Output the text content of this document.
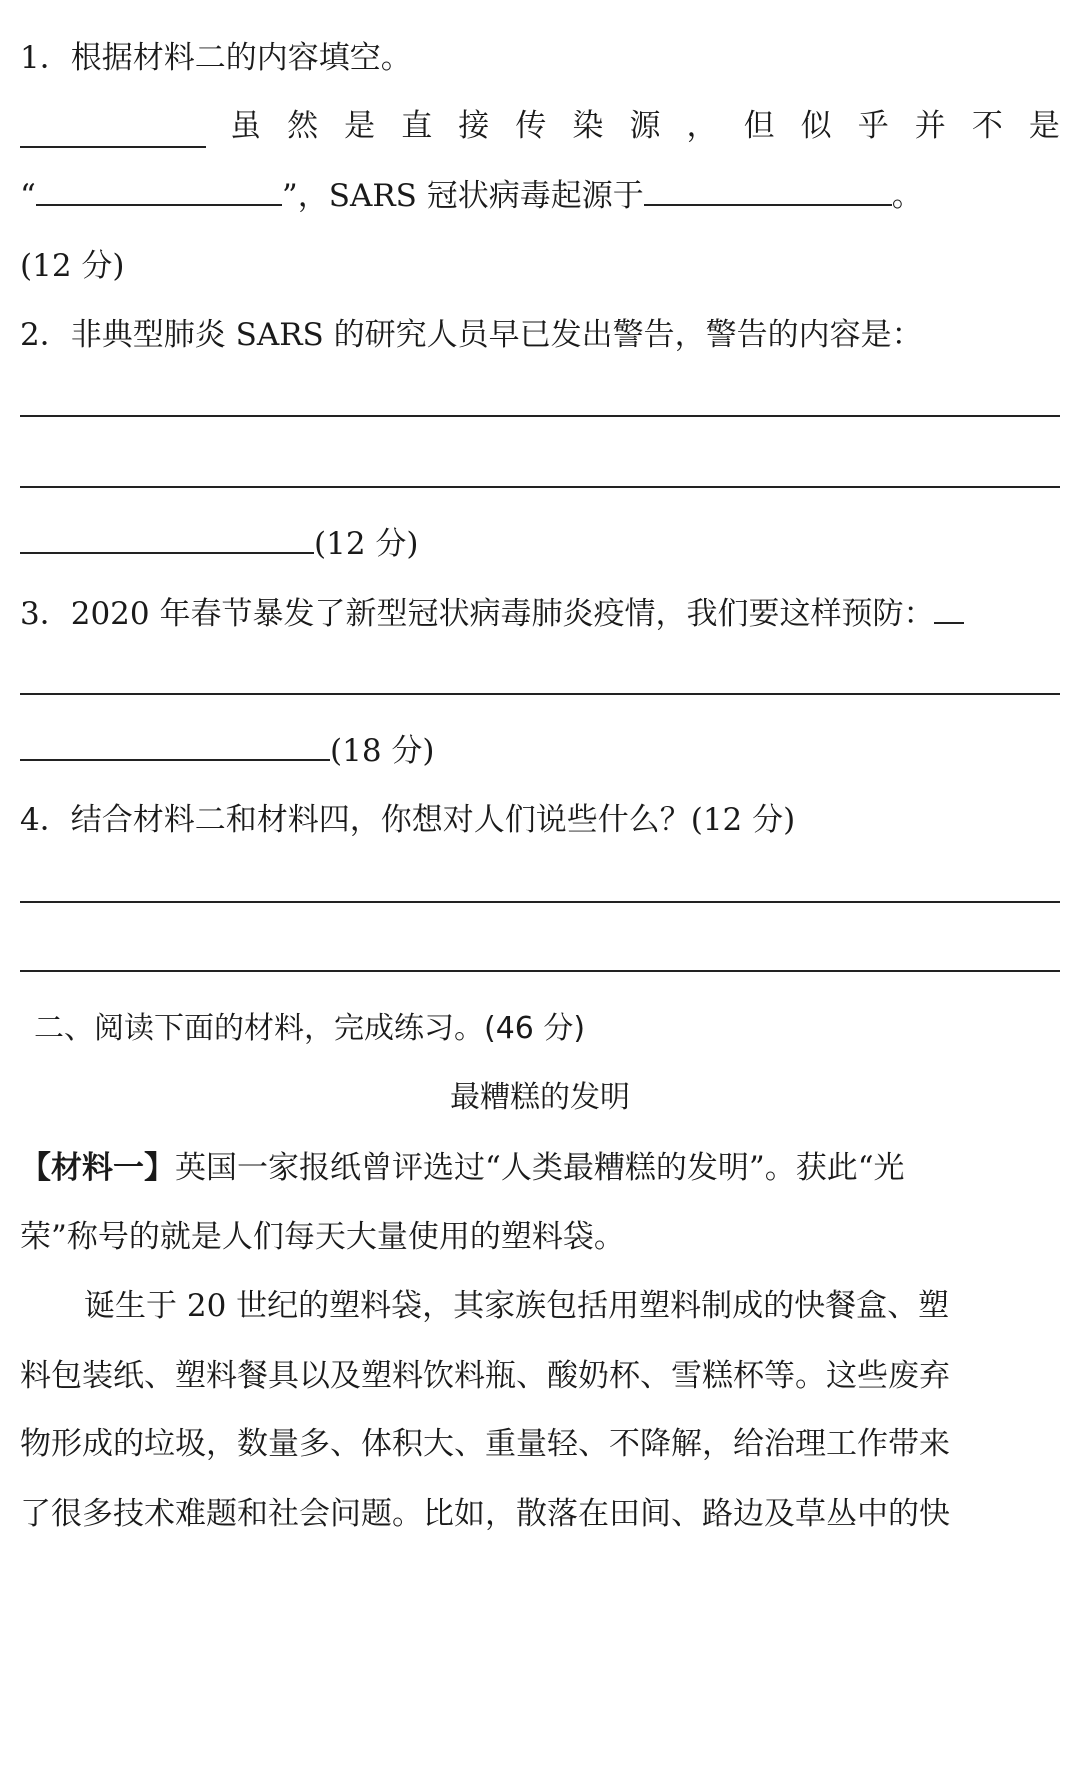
1．根据材料二的内容填空。
虽 然 是 直 接 传 染 源 ， 但 似 乎 并 不 是
“	”，SARS 冠状病毒起源于	。
(12 分)
2．非典型肺炎 SARS 的研究人员早已发出警告，警告的内容是：
(12 分)
3．2020 年春节暴发了新型冠状病毒肺炎疫情，我们要这样预防：
(18 分)
4．结合材料二和材料四，你想对人们说些什么？(12 分)
二、阅读下面的材料，完成练习。(46 分)
最糟糕的发明
【材料一】英国一家报纸曾评选过“人类最糟糕的发明”。获此“光
荣”称号的就是人们每天大量使用的塑料袋。
诞生于 20 世纪的塑料袋，其家族包括用塑料制成的快餐盒、塑
料包装纸、塑料餐具以及塑料饮料瓶、酸奶杯、雪糕杯等。这些废弃
物形成的垃圾，数量多、体积大、重量轻、不降解，给治理工作带来
了很多技术难题和社会问题。比如，散落在田间、路边及草丛中的快
